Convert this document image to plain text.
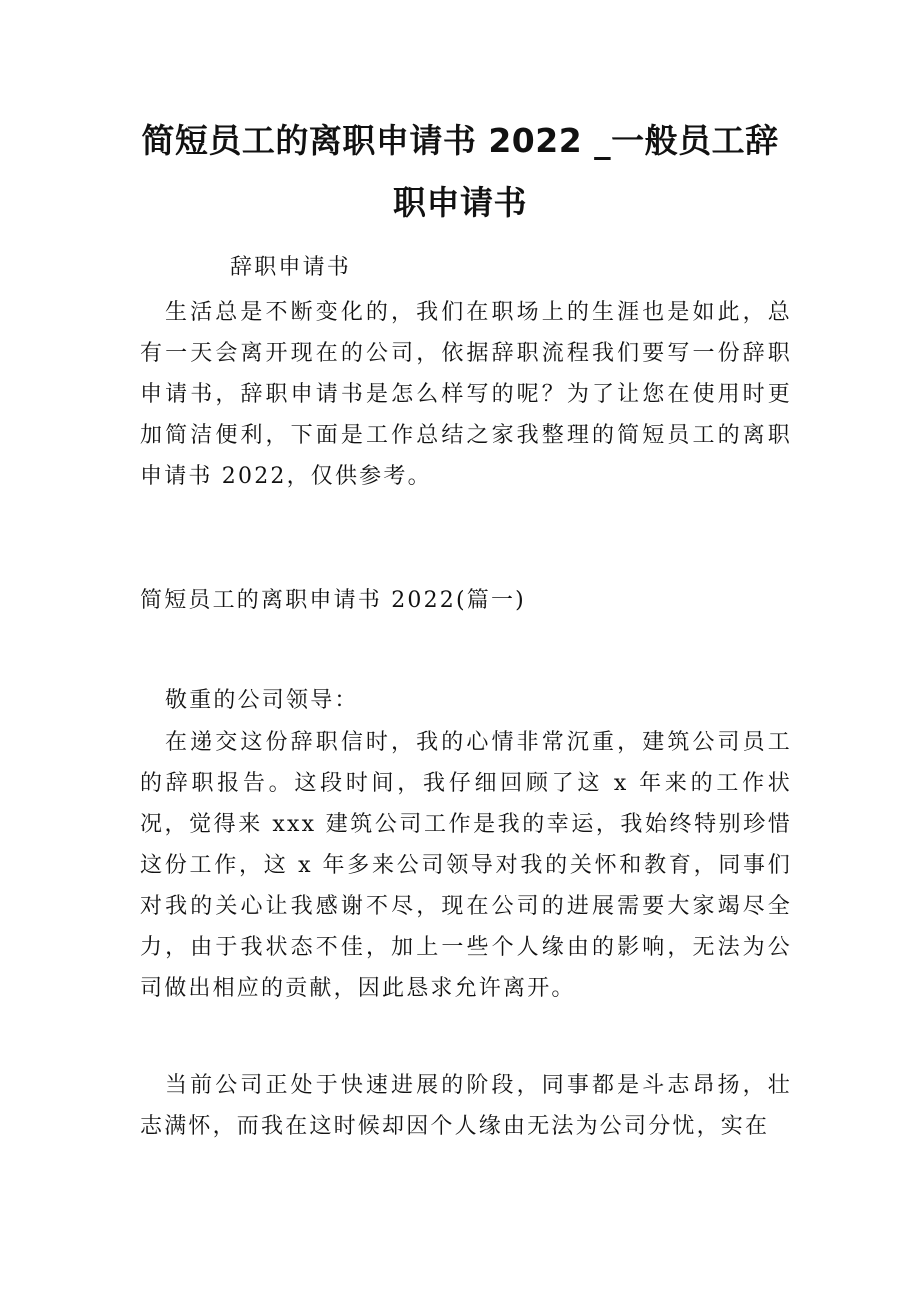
简短员工的离职申请书 2022 _一般员工辞
职申请书

辞职申请书

生活总是不断变化的，我们在职场上的生涯也是如此，总有一天会离开现在的公司，依据辞职流程我们要写一份辞职申请书，辞职申请书是怎么样写的呢？为了让您在使用时更加简洁便利，下面是工作总结之家我整理的简短员工的离职申请书 2022，仅供参考。

简短员工的离职申请书 2022(篇一)

敬重的公司领导：

在递交这份辞职信时，我的心情非常沉重，建筑公司员工的辞职报告。这段时间，我仔细回顾了这 x 年来的工作状况，觉得来 xxx 建筑公司工作是我的幸运，我始终特别珍惜这份工作，这 x 年多来公司领导对我的关怀和教育，同事们对我的关心让我感谢不尽，现在公司的进展需要大家竭尽全力，由于我状态不佳，加上一些个人缘由的影响，无法为公司做出相应的贡献，因此恳求允许离开。

当前公司正处于快速进展的阶段，同事都是斗志昂扬，壮志满怀，而我在这时候却因个人缘由无法为公司分忧，实在
